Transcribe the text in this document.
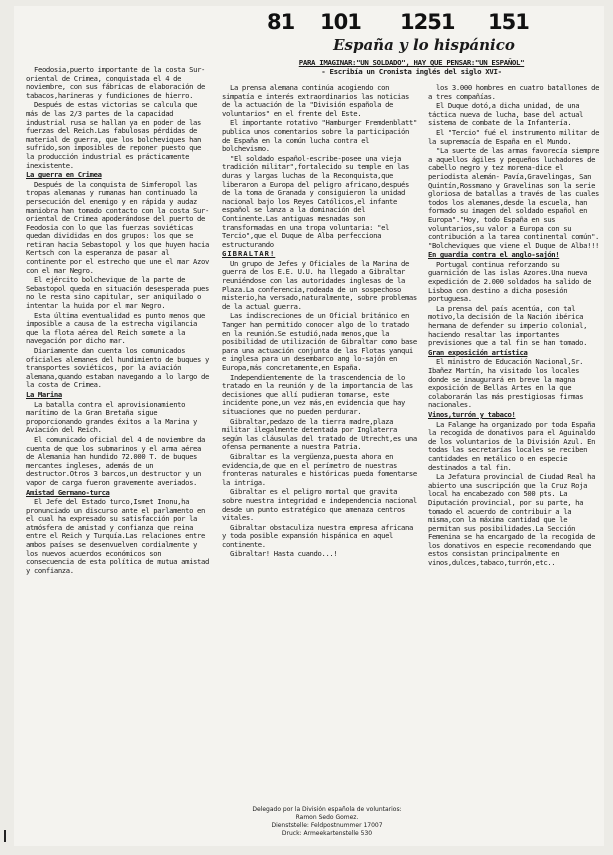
81 101 1251 151
España y lo hispánico
PARA IMAGINAR:"UN SOLDADO", HAY QUE PENSAR:"UN ESPAÑOL"
- Escribía un Cronista inglés del siglo XVI-

Feodosia,puerto importante de la costa Sur-oriental de Crimea, conquistada el 4 de noviembre, con sus fábricas de elaboración de tabacos,harineras y fundiciones de hierro.

Después de estas victorias se calcula que más de las 2/3 partes de la capacidad industrial rusa se hallan ya en poder de las fuerzas del Reich.Las fabulosas pérdidas de material de guerra, que los bolcheviques han sufrido,son imposibles de reponer puesto que la producción industrial es prácticamente inexistente.

La guerra en Crimea

Después de la conquista de Simferopol las tropas alemanas y rumanas han continuado la persecución del enemigo y en rápida y audaz maniobra han tomado contacto con la costa Sur-oriental de Crimea apoderándose del puerto de Feodosia con lo que las fuerzas soviéticas quedan divididas en dos grupos: los que se retiran hacia Sebastopol y los que huyen hacia Kertsch con la esperanza de pasar al continente por el estrecho que une el mar Azov con el mar Negro.

El ejército bolchevique de la parte de Sebastopol queda en situación desesperada pues no le resta sino capitular, ser aniquilado o intentar la huida por el mar Negro.

Esta última eventualidad es punto menos que imposible a causa de la estrecha vigilancia que la flota aérea del Reich somete a la navegación por dicho mar.

Diariamente dan cuenta los comunicados oficiales alemanes del hundimiento de buques y transportes soviéticos, por la aviación alemana,quando estaban navegando a lo largo de la costa de Crimea.

La Marina

La batalla contra el aprovisionamiento marítimo de la Gran Bretaña sigue proporcionando grandes éxitos a la Marina y Aviación del Reich.

El comunicado oficial del 4 de noviembre da cuenta de que los submarinos y el arma aérea de Alemania han hundido 72.000 T. de buques mercantes ingleses, además de un destructor.Otros 3 barcos,un destructor y un vapor de carga fueron gravemente averiados.

Amistad Germano-turca

El Jefe del Estado turco,Ismet Inonu,ha pronunciado un discurso ante el parlamento en el cual ha expresado su satisfacción por la atmósfera de amistad y confianza que reina entre el Reich y Turquía.Las relaciones entre ambos países se desenvuelven cordialmente y los nuevos acuerdos económicos son consecuencia de esta política de mutua amistad y confianza.

La prensa alemana continúa acogiendo con simpatía e interés extraordinarios las noticias de la actuación de la "División española de voluntarios" en el frente del Este.

El importante rotativo "Hamburger Fremdenblatt" publica unos comentarios sobre la participación de España en la común lucha contra el bolchevismo.

"El soldado español-escribe-posee una viejа tradición militar",fortalecido su temple en las duras y largas luchas de la Reconquista,que liberaron a Europa del peligro africano,después de la toma de Granada y consiguieron la unidad nacional bajo los Reyes Católicos,el infante español se lanza a la dominación del Continente.Las antiguas mesnadas son transformadas en una tropa voluntaria: "el Tercio",que el Duque de Alba perfecciona estructurando

GIBRALTAR!

Un grupo de Jefes y Oficiales de la Marina de guerra de los E.E. U.U. ha llegado a Gibraltar reuniéndose con las autoridades inglesas de la Plaza.La conferencia,rodeada de un sospechoso misterio,ha versado,naturalmente, sobre problemas de la actual guerra.

Las indiscreciones de un Oficial británico en Tanger han permitido conocer algo de lo tratado en la reunión.Se estudió,nada menos,que la posibilidad de utilización de Gibraltar como base para una actuación conjunta de las Flotas yanqui e inglesa para un desembarco ang lo-sajón en Europa,más concretamente,en España.

Independientemente de la trascendencia de lo tratado en la reunión y de la importancia de las decisiones que allí pudieran tomarse, este incidente pone,un vez más,en evidencia que hay situaciones que no pueden perdurar.

Gibraltar,pedazo de la tierra madre,plaza militar ilegalmente detentada por Inglaterra según las cláusulas del tratado de Utrecht,es una ofensa permanente a nuestra Patria.

Gibraltar es la vergüenza,puesta ahora en evidencia,de que en el perímetro de nuestras fronteras naturales e históricas pueda fomentarse la intriga.

Gibraltar es el peligro mortal que gravita sobre nuestra integridad e independencia nacional desde un punto estratégico que amenaza centros vitales.

Gibraltar obstaculiza nuestra empresa africana y toda posible expansión hispánica en aquel continente.

Gibraltar! Hasta cuando...!

Delegado por la División española de voluntarios:
Ramon Sedo Gomez.
Dienststelle: Feldpostnummer 17007
Druck: Armeekartenstelle 530

los 3.000 hombres en cuatro batallones de a tres compañías.

El Duque dotó,a dicha unidad, de una táctica nueva de lucha, base del actual sistema de combate de la Infantería.

El "Tercio" fué el instrumento militar de la supremacía de España en el Mundo.

"La suerte de las armas favorecía siempre a aquellos ágiles y pequeños luchadores de cabello negro y tez morena-dice el periodista alemán- Pavía,Gravelingas, San Quintín,Rossmano y Gravelinas son la serie gloriosa de batallas a través de las cuales todos los alemanes,desde la escuela, han formado su imagen del soldado español en Europa"."Hoy, todo España en sus voluntarios,su valor a Europa con su contribución a la tarea continental común". "Bolcheviques que viene el Duque de Alba!!!

En guardia contra el anglo-sajón!

Portugal continua reforzando su guarnición de las islas Azores.Una nueva expedición de 2.000 soldados ha salido de Lisboa con destino a dicha posesión portuguesa.

La prensa del país acentúa, con tal motivo,la decisión de la Nación ibérica hermana de defender su imperio colonial, haciendo resaltar las importantes previsiones que a tal fin se han tomado.

Gran exposición artística

El ministro de Educación Nacional,Sr. Ibañez Martín, ha visitado los locales donde se inaugurará en breve la magna exposición de Bellas Artes en la que colaborarán las más prestigiosas firmas nacionales.

Vinos,turrón y tabaco!

La Falange ha organizado por toda España la recogida de donativos para el Aguinaldo de los voluntarios de la División Azul. En todas las secretarías locales se reciben cantidades en metálico o en especie destinados a tal fin.

La Jefatura provincial de Ciudad Real ha abierto una suscripción que la Cruz Roja local ha encabezado con 500 pts. La Diputación provincial, por su parte, ha tomado el acuerdo de contribuir a la misma,con la máxima cantidad que le permitan sus posibilidades.La Sección Femenina se ha encargado de la recogida de los donativos en especie recomendando que estos consistan principalmente en vinos,dulces,tabaco,turrón,etc..
